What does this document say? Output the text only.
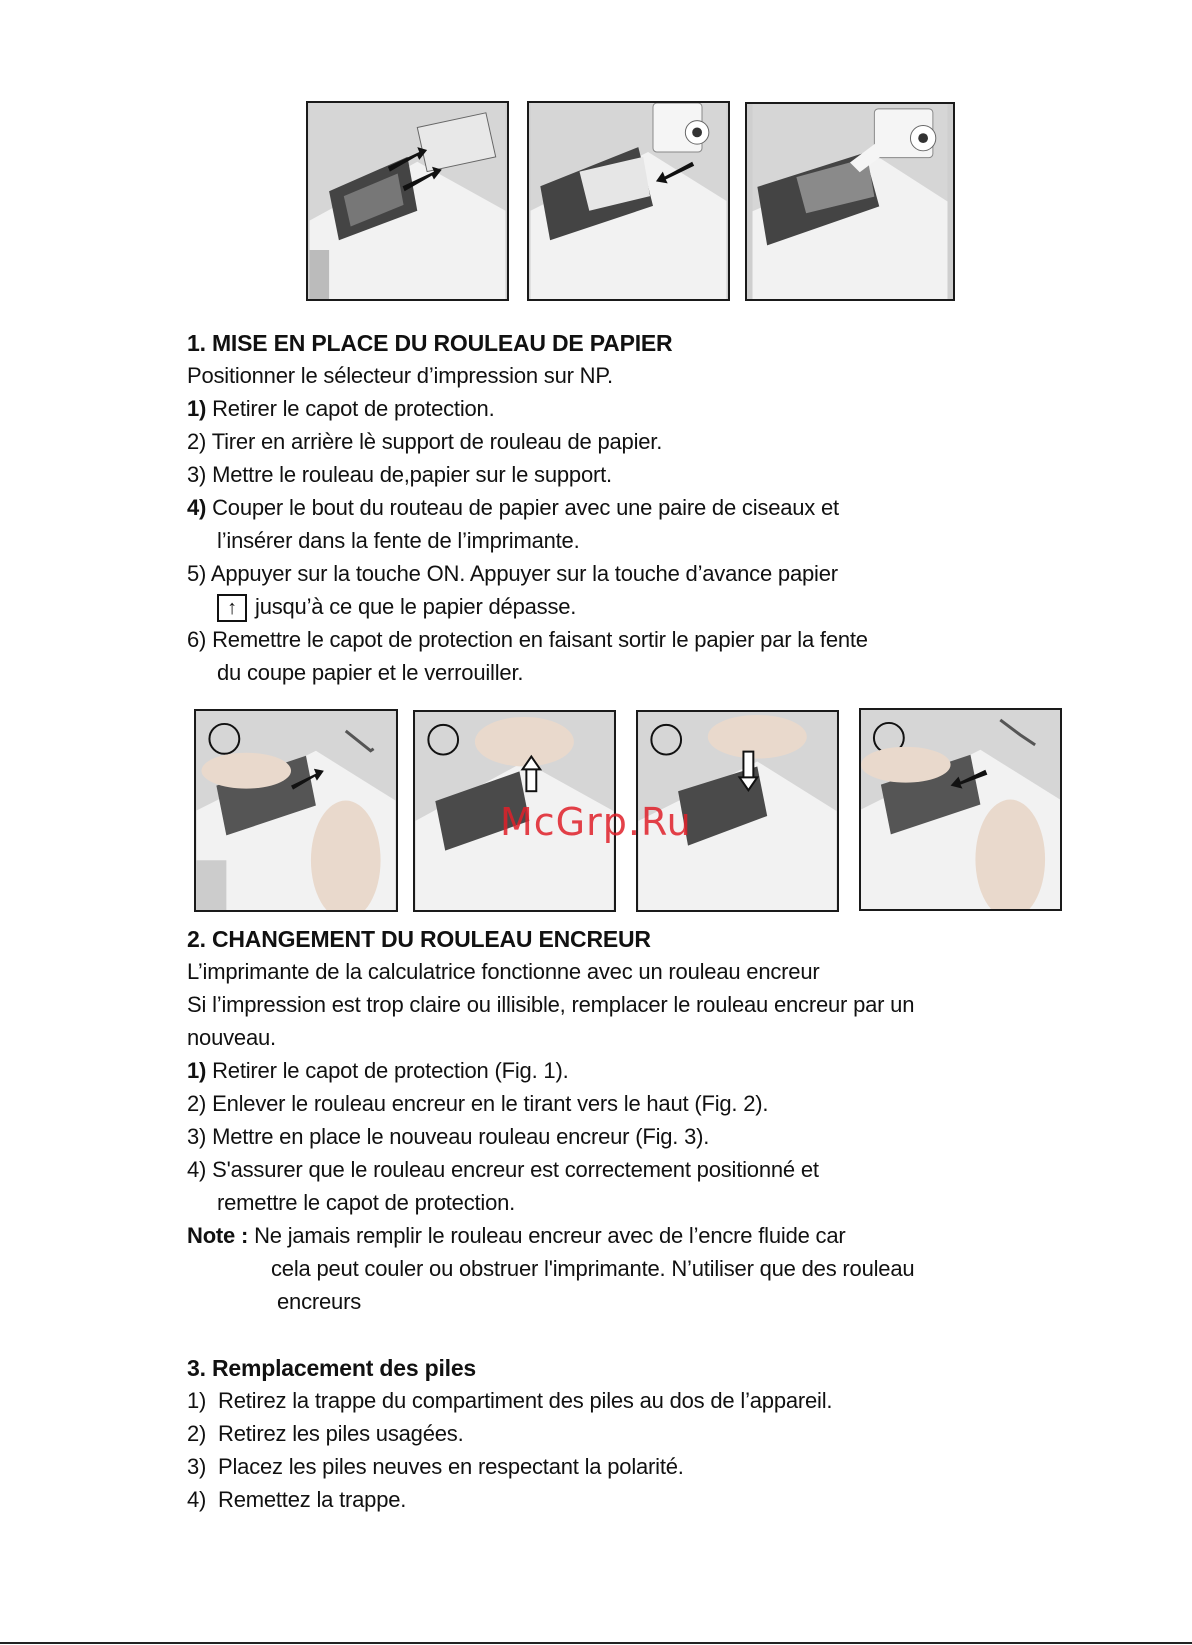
1. MISE EN PLACE DU ROULEAU DE PAPIER
Positionner le sélecteur d’impression sur NP.
1) Retirer le capot de protection.
2) Tirer en arrière lè support de rouleau de papier.
3) Mettre le rouleau de,papier sur le support.
4) Couper le bout du routeau de papier avec une paire de ciseaux et
l’insérer dans la fente de l’imprimante.
5) Appuyer sur la touche ON. Appuyer sur la touche d’avance papier
↑ jusqu’à ce que le papier dépasse.
6) Remettre le capot de protection en faisant sortir le papier par la fente
du coupe papier et le verrouiller.
2. CHANGEMENT DU ROULEAU ENCREUR
L’imprimante de la calculatrice fonctionne avec un rouleau encreur
Si l’impression est trop claire ou illisible, remplacer le rouleau encreur par un
nouveau.
1) Retirer le capot de protection (Fig. 1).
2) Enlever le rouleau encreur en le tirant vers le haut (Fig. 2).
3) Mettre en place le nouveau rouleau encreur (Fig. 3).
4) S'assurer que le rouleau encreur est correctement positionné et
remettre le capot de protection.
Note : Ne jamais remplir le rouleau encreur avec de l’encre fluide car
cela peut couler ou obstruer l'imprimante. N’utiliser que des rouleau
encreurs
3. Remplacement des piles
1) Retirez la trappe du compartiment des piles au dos de l’appareil.
2) Retirez les piles usagées.
3) Placez les piles neuves en respectant la polarité.
4) Remettez la trappe.
McGrp.Ru
